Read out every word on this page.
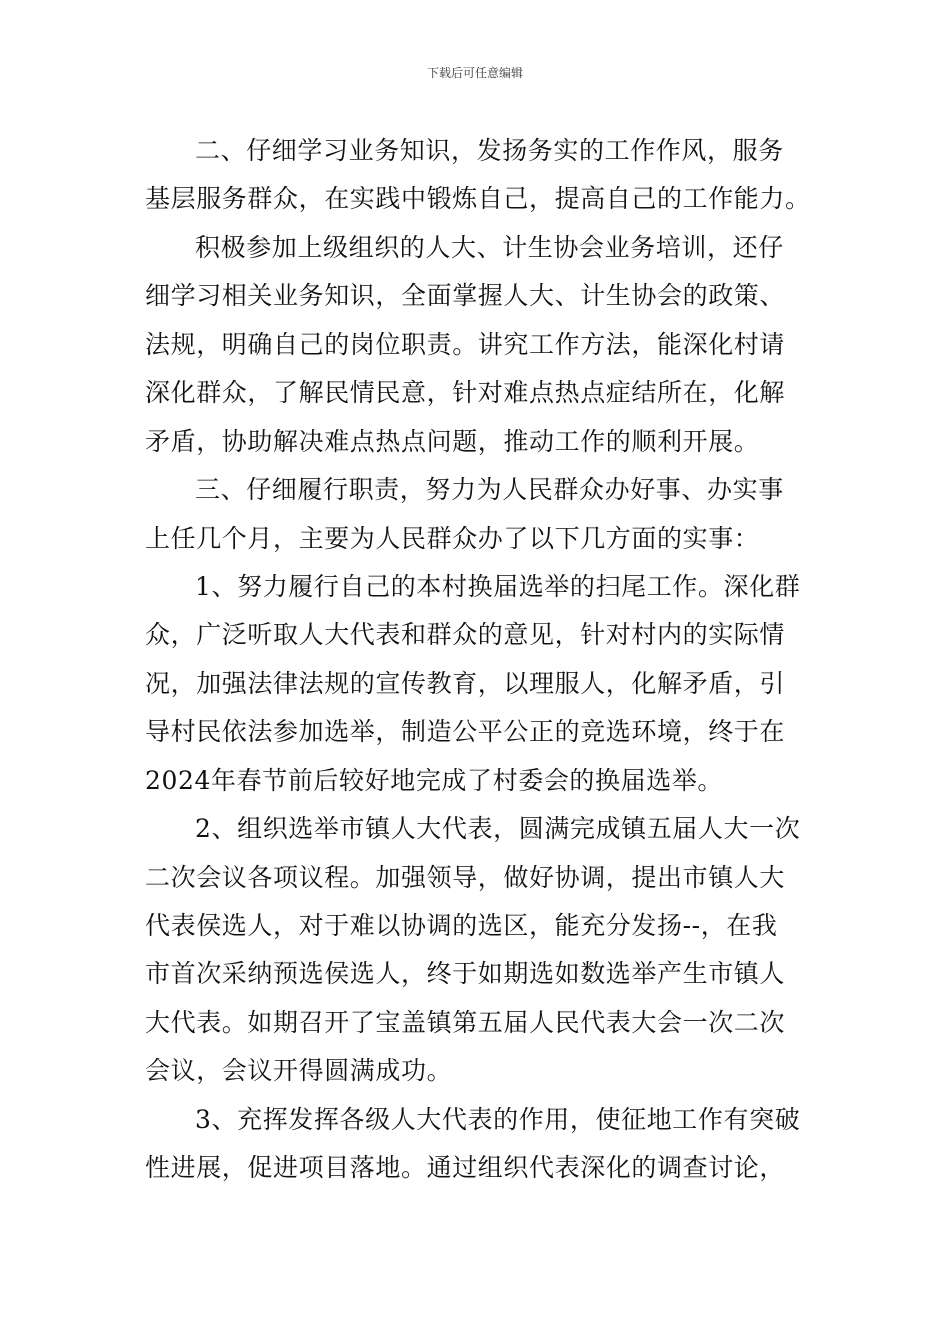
下载后可任意编辑
二、仔细学习业务知识，发扬务实的工作作风，服务
基层服务群众，在实践中锻炼自己，提高自己的工作能力。
积极参加上级组织的人大、计生协会业务培训，还仔
细学习相关业务知识，全面掌握人大、计生协会的政策、
法规，明确自己的岗位职责。讲究工作方法，能深化村请
深化群众，了解民情民意，针对难点热点症结所在，化解
矛盾，协助解决难点热点问题，推动工作的顺利开展。
三、仔细履行职责，努力为人民群众办好事、办实事
上任几个月，主要为人民群众办了以下几方面的实事：
1、努力履行自己的本村换届选举的扫尾工作。深化群
众，广泛听取人大代表和群众的意见，针对村内的实际情
况，加强法律法规的宣传教育，以理服人，化解矛盾，引
导村民依法参加选举，制造公平公正的竞选环境，终于在
2024年春节前后较好地完成了村委会的换届选举。
2、组织选举市镇人大代表，圆满完成镇五届人大一次
二次会议各项议程。加强领导，做好协调，提出市镇人大
代表侯选人，对于难以协调的选区，能充分发扬--，在我
市首次采纳预选侯选人，终于如期选如数选举产生市镇人
大代表。如期召开了宝盖镇第五届人民代表大会一次二次
会议，会议开得圆满成功。
3、充挥发挥各级人大代表的作用，使征地工作有突破
性进展，促进项目落地。通过组织代表深化的调查讨论，
